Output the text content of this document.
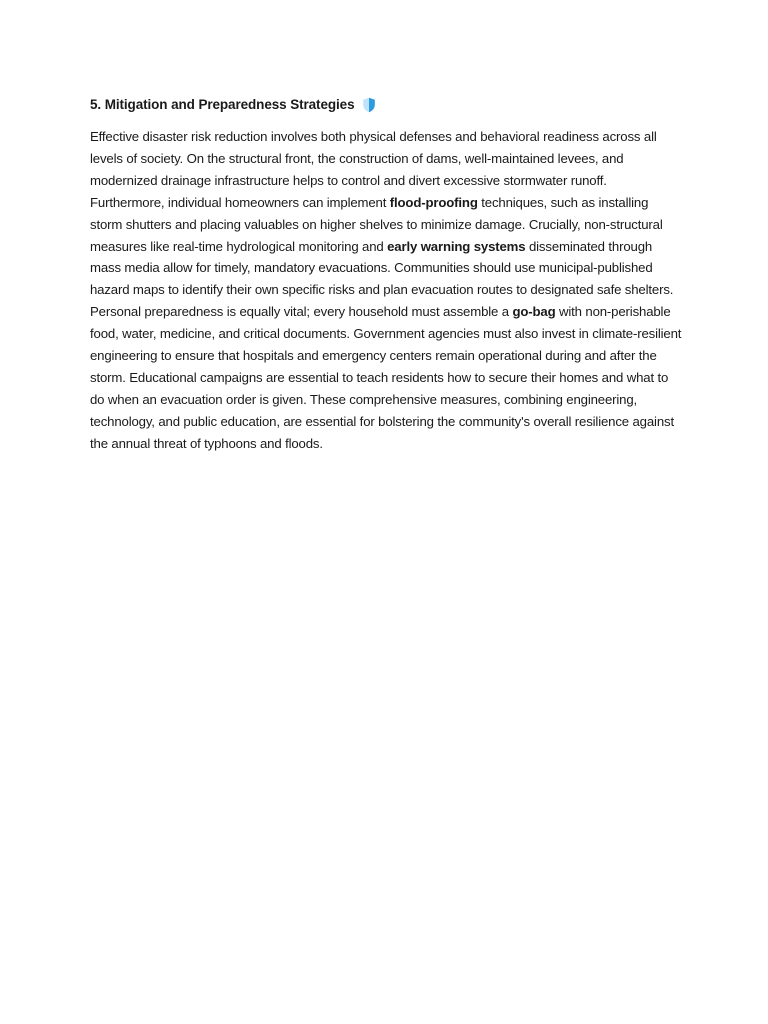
5. Mitigation and Preparedness Strategies

Effective disaster risk reduction involves both physical defenses and behavioral readiness across all levels of society. On the structural front, the construction of dams, well-maintained levees, and modernized drainage infrastructure helps to control and divert excessive stormwater runoff. Furthermore, individual homeowners can implement flood-proofing techniques, such as installing storm shutters and placing valuables on higher shelves to minimize damage. Crucially, non-structural measures like real-time hydrological monitoring and early warning systems disseminated through mass media allow for timely, mandatory evacuations. Communities should use municipal-published hazard maps to identify their own specific risks and plan evacuation routes to designated safe shelters. Personal preparedness is equally vital; every household must assemble a go-bag with non-perishable food, water, medicine, and critical documents. Government agencies must also invest in climate-resilient engineering to ensure that hospitals and emergency centers remain operational during and after the storm. Educational campaigns are essential to teach residents how to secure their homes and what to do when an evacuation order is given. These comprehensive measures, combining engineering, technology, and public education, are essential for bolstering the community's overall resilience against the annual threat of typhoons and floods.
